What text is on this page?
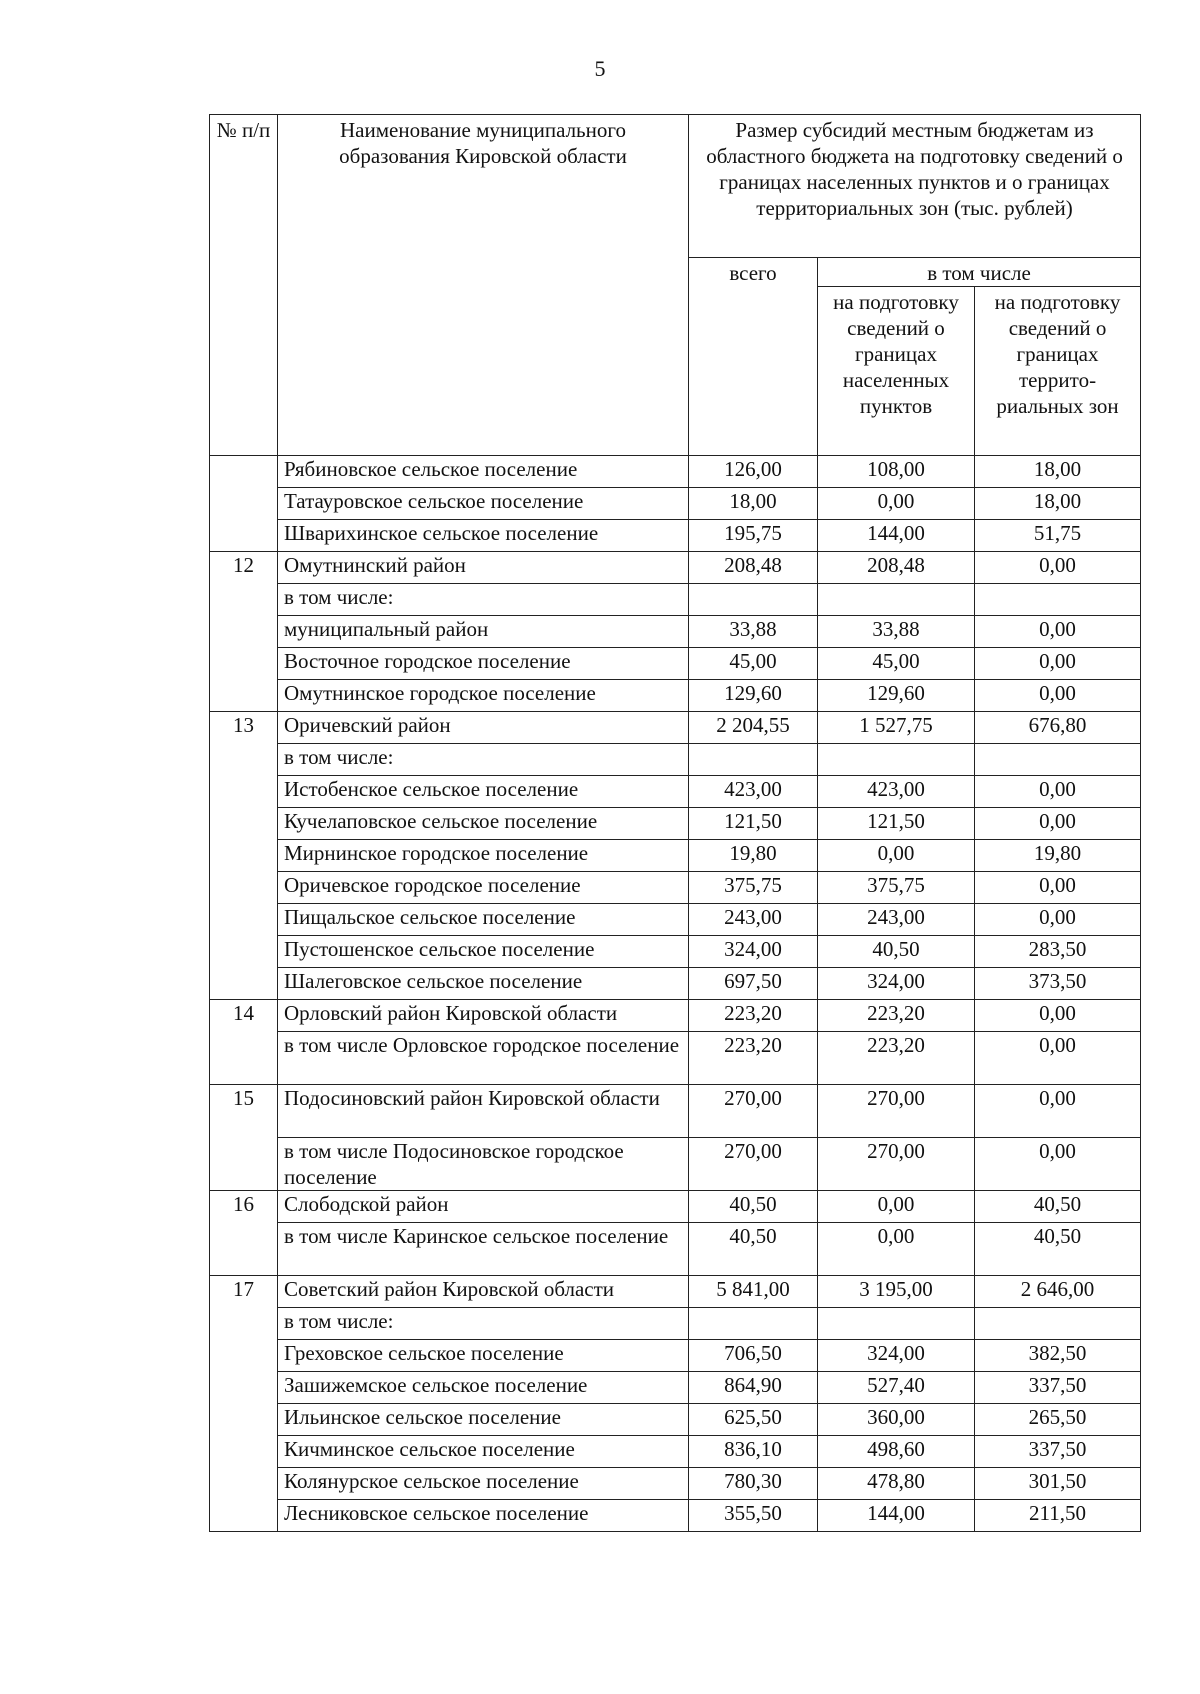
5
№ п/п	Наименование муниципального образования Кировской области	Размер субсидий местным бюджетам из областного бюджета на подготовку сведений о границах населенных пунктов и о границах территориальных зон (тыс. рублей)		
		всего	в том числе	
			на подготовку сведений о границах населенных пунктов	на подготовку сведений о границах террито-риальных зон
	Рябиновское сельское поселение	126,00	108,00	18,00
	Татауровское сельское поселение	18,00	0,00	18,00
	Шварихинское сельское поселение	195,75	144,00	51,75
12	Омутнинский район	208,48	208,48	0,00
	в том числе:			
	муниципальный район	33,88	33,88	0,00
	Восточное городское поселение	45,00	45,00	0,00
	Омутнинское городское поселение	129,60	129,60	0,00
13	Оричевский район	2 204,55	1 527,75	676,80
	в том числе:			
	Истобенское сельское поселение	423,00	423,00	0,00
	Кучелаповское сельское поселение	121,50	121,50	0,00
	Мирнинское городское поселение	19,80	0,00	19,80
	Оричевское городское поселение	375,75	375,75	0,00
	Пищальское сельское поселение	243,00	243,00	0,00
	Пустошенское сельское поселение	324,00	40,50	283,50
	Шалеговское сельское поселение	697,50	324,00	373,50
14	Орловский район Кировской области	223,20	223,20	0,00
	в том числе Орловское городское поселение	223,20	223,20	0,00
15	Подосиновский район Кировской области	270,00	270,00	0,00
	в том числе Подосиновское городское поселение	270,00	270,00	0,00
16	Слободской район	40,50	0,00	40,50
	в том числе Каринское сельское поселение	40,50	0,00	40,50
17	Советский район Кировской области	5 841,00	3 195,00	2 646,00
	в том числе:			
	Греховское сельское поселение	706,50	324,00	382,50
	Зашижемское сельское поселение	864,90	527,40	337,50
	Ильинское сельское поселение	625,50	360,00	265,50
	Кичминское сельское поселение	836,10	498,60	337,50
	Колянурское сельское поселение	780,30	478,80	301,50
	Лесниковское сельское поселение	355,50	144,00	211,50
